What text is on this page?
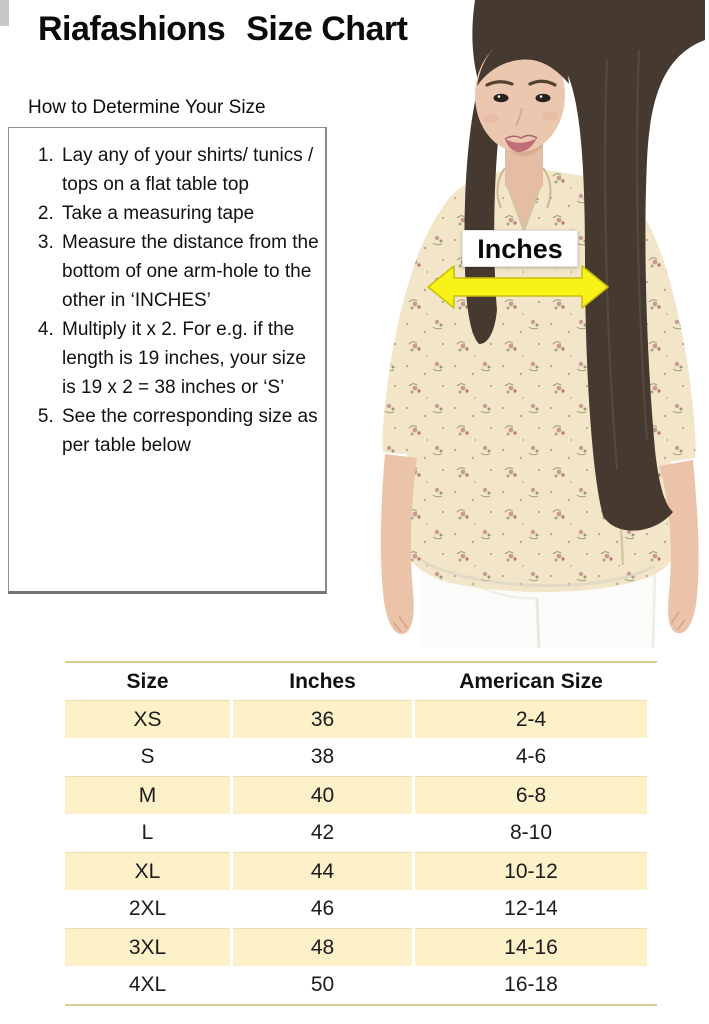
Riafashions Size Chart
How to Determine Your Size
1. Lay any of your shirts/ tunics / tops on a flat table top
2. Take a measuring tape
3. Measure the distance from the bottom of one arm-hole to the other in ‘INCHES’
4. Multiply it x 2. For e.g. if the length is 19 inches, your size is 19 x 2 = 38 inches or ‘S’
5. See the corresponding size as per table below
Inches
Size	Inches	American Size
XS	36	2-4
S	38	4-6
M	40	6-8
L	42	8-10
XL	44	10-12
2XL	46	12-14
3XL	48	14-16
4XL	50	16-18
